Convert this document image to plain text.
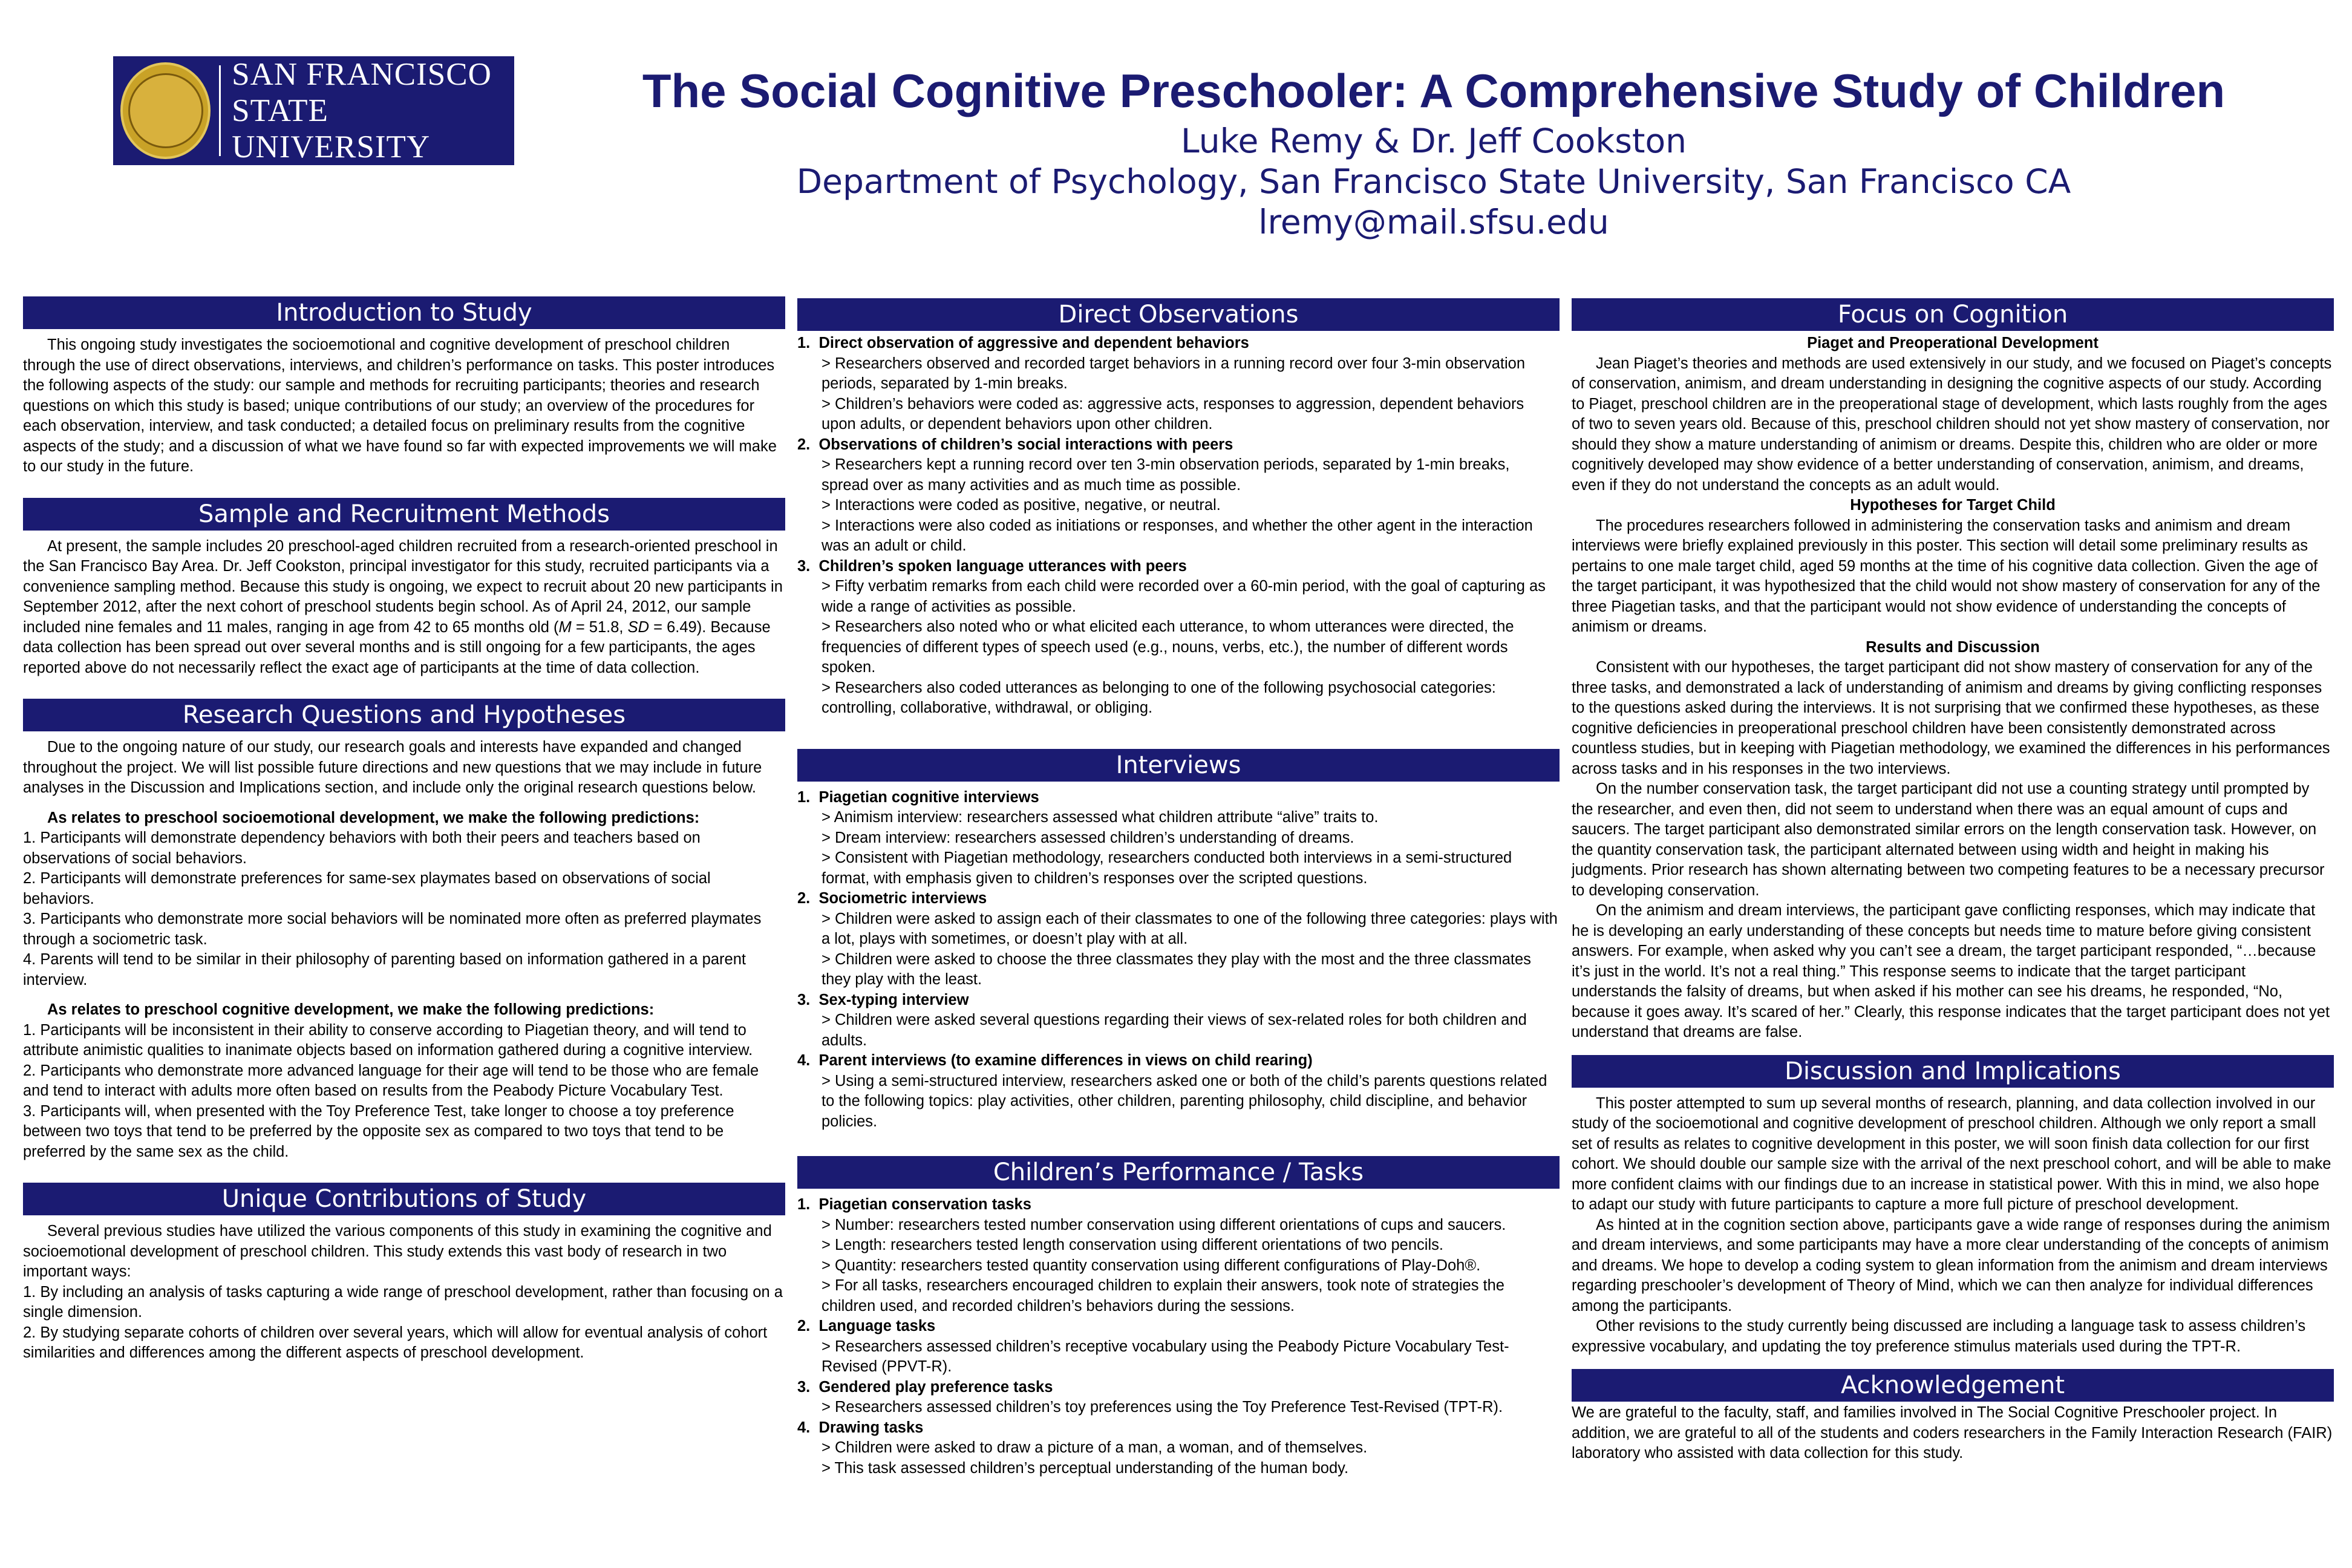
SAN FRANCISCO
STATE UNIVERSITY
The Social Cognitive Preschooler: A Comprehensive Study of Children
Luke Remy & Dr. Jeff Cookston
Department of Psychology, San Francisco State University, San Francisco CA
lremy@mail.sfsu.edu
Introduction to Study

This ongoing study investigates the socioemotional and cognitive development of preschool children through the use of direct observations, interviews, and children’s performance on tasks. This poster introduces the following aspects of the study: our sample and methods for recruiting participants; theories and research questions on which this study is based; unique contributions of our study; an overview of the procedures for each observation, interview, and task conducted; a detailed focus on preliminary results from the cognitive aspects of the study; and a discussion of what we have found so far with expected improvements we will make to our study in the future.

Sample and Recruitment Methods

At present, the sample includes 20 preschool-aged children recruited from a research-oriented preschool in the San Francisco Bay Area. Dr. Jeff Cookston, principal investigator for this study, recruited participants via a convenience sampling method. Because this study is ongoing, we expect to recruit about 20 new participants in September 2012, after the next cohort of preschool students begin school. As of April 24, 2012, our sample included nine females and 11 males, ranging in age from 42 to 65 months old (M = 51.8, SD = 6.49). Because data collection has been spread out over several months and is still ongoing for a few participants, the ages reported above do not necessarily reflect the exact age of participants at the time of data collection.

Research Questions and Hypotheses

Due to the ongoing nature of our study, our research goals and interests have expanded and changed throughout the project. We will list possible future directions and new questions that we may include in future analyses in the Discussion and Implications section, and include only the original research questions below.

As relates to preschool socioemotional development, we make the following predictions:

1. Participants will demonstrate dependency behaviors with both their peers and teachers based on observations of social behaviors.

2. Participants will demonstrate preferences for same-sex playmates based on observations of social behaviors.

3. Participants who demonstrate more social behaviors will be nominated more often as preferred playmates through a sociometric task.

4. Parents will tend to be similar in their philosophy of parenting based on information gathered in a parent interview.

As relates to preschool cognitive development, we make the following predictions:

1. Participants will be inconsistent in their ability to conserve according to Piagetian theory, and will tend to attribute animistic qualities to inanimate objects based on information gathered during a cognitive interview.

2. Participants who demonstrate more advanced language for their age will tend to be those who are female and tend to interact with adults more often based on results from the Peabody Picture Vocabulary Test.

3. Participants will, when presented with the Toy Preference Test, take longer to choose a toy preference between two toys that tend to be preferred by the opposite sex as compared to two toys that tend to be preferred by the same sex as the child.

Unique Contributions of Study

Several previous studies have utilized the various components of this study in examining the cognitive and socioemotional development of preschool children. This study extends this vast body of research in two important ways:

1. By including an analysis of tasks capturing a wide range of preschool development, rather than focusing on a single dimension.

2. By studying separate cohorts of children over several years, which will allow for eventual analysis of cohort similarities and differences among the different aspects of preschool development.

Direct Observations

1. Direct observation of aggressive and dependent behaviors

> Researchers observed and recorded target behaviors in a running record over four 3-min observation periods, separated by 1-min breaks.

> Children’s behaviors were coded as: aggressive acts, responses to aggression, dependent behaviors upon adults, or dependent behaviors upon other children.

2. Observations of children’s social interactions with peers

> Researchers kept a running record over ten 3-min observation periods, separated by 1-min breaks, spread over as many activities and as much time as possible.

> Interactions were coded as positive, negative, or neutral.

> Interactions were also coded as initiations or responses, and whether the other agent in the interaction was an adult or child.

3. Children’s spoken language utterances with peers

> Fifty verbatim remarks from each child were recorded over a 60-min period, with the goal of capturing as wide a range of activities as possible.

> Researchers also noted who or what elicited each utterance, to whom utterances were directed, the frequencies of different types of speech used (e.g., nouns, verbs, etc.), the number of different words spoken.

> Researchers also coded utterances as belonging to one of the following psychosocial categories: controlling, collaborative, withdrawal, or obliging.

Interviews

1. Piagetian cognitive interviews

> Animism interview: researchers assessed what children attribute “alive” traits to.

> Dream interview: researchers assessed children’s understanding of dreams.

> Consistent with Piagetian methodology, researchers conducted both interviews in a semi-structured format, with emphasis given to children’s responses over the scripted questions.

2. Sociometric interviews

> Children were asked to assign each of their classmates to one of the following three categories: plays with a lot, plays with sometimes, or doesn’t play with at all.

> Children were asked to choose the three classmates they play with the most and the three classmates they play with the least.

3. Sex-typing interview

> Children were asked several questions regarding their views of sex-related roles for both children and adults.

4. Parent interviews (to examine differences in views on child rearing)

> Using a semi-structured interview, researchers asked one or both of the child’s parents questions related to the following topics: play activities, other children, parenting philosophy, child discipline, and behavior policies.

Children’s Performance / Tasks

1. Piagetian conservation tasks

> Number: researchers tested number conservation using different orientations of cups and saucers.

> Length: researchers tested length conservation using different orientations of two pencils.

> Quantity: researchers tested quantity conservation using different configurations of Play-Doh®.

> For all tasks, researchers encouraged children to explain their answers, took note of strategies the children used, and recorded children’s behaviors during the sessions.

2. Language tasks

> Researchers assessed children’s receptive vocabulary using the Peabody Picture Vocabulary Test-Revised (PPVT-R).

3. Gendered play preference tasks

> Researchers assessed children’s toy preferences using the Toy Preference Test-Revised (TPT-R).

4. Drawing tasks

> Children were asked to draw a picture of a man, a woman, and of themselves.

> This task assessed children’s perceptual understanding of the human body.

Focus on Cognition

Piaget and Preoperational Development

Jean Piaget’s theories and methods are used extensively in our study, and we focused on Piaget’s concepts of conservation, animism, and dream understanding in designing the cognitive aspects of our study. According to Piaget, preschool children are in the preoperational stage of development, which lasts roughly from the ages of two to seven years old. Because of this, preschool children should not yet show mastery of conservation, nor should they show a mature understanding of animism or dreams. Despite this, children who are older or more cognitively developed may show evidence of a better understanding of conservation, animism, and dreams, even if they do not understand the concepts as an adult would.

Hypotheses for Target Child

The procedures researchers followed in administering the conservation tasks and animism and dream interviews were briefly explained previously in this poster. This section will detail some preliminary results as pertains to one male target child, aged 59 months at the time of his cognitive data collection. Given the age of the target participant, it was hypothesized that the child would not show mastery of conservation for any of the three Piagetian tasks, and that the participant would not show evidence of understanding the concepts of animism or dreams.

Results and Discussion

Consistent with our hypotheses, the target participant did not show mastery of conservation for any of the three tasks, and demonstrated a lack of understanding of animism and dreams by giving conflicting responses to the questions asked during the interviews. It is not surprising that we confirmed these hypotheses, as these cognitive deficiencies in preoperational preschool children have been consistently demonstrated across countless studies, but in keeping with Piagetian methodology, we examined the differences in his performances across tasks and in his responses in the two interviews.

On the number conservation task, the target participant did not use a counting strategy until prompted by the researcher, and even then, did not seem to understand when there was an equal amount of cups and saucers. The target participant also demonstrated similar errors on the length conservation task. However, on the quantity conservation task, the participant alternated between using width and height in making his judgments. Prior research has shown alternating between two competing features to be a necessary precursor to developing conservation.

On the animism and dream interviews, the participant gave conflicting responses, which may indicate that he is developing an early understanding of these concepts but needs time to mature before giving consistent answers. For example, when asked why you can’t see a dream, the target participant responded, “…because it’s just in the world. It’s not a real thing.” This response seems to indicate that the target participant understands the falsity of dreams, but when asked if his mother can see his dreams, he responded, “No, because it goes away. It’s scared of her.” Clearly, this response indicates that the target participant does not yet understand that dreams are false.

Discussion and Implications

This poster attempted to sum up several months of research, planning, and data collection involved in our study of the socioemotional and cognitive development of preschool children. Although we only report a small set of results as relates to cognitive development in this poster, we will soon finish data collection for our first cohort. We should double our sample size with the arrival of the next preschool cohort, and will be able to make more confident claims with our findings due to an increase in statistical power. With this in mind, we also hope to adapt our study with future participants to capture a more full picture of preschool development.

As hinted at in the cognition section above, participants gave a wide range of responses during the animism and dream interviews, and some participants may have a more clear understanding of the concepts of animism and dreams. We hope to develop a coding system to glean information from the animism and dream interviews regarding preschooler’s development of Theory of Mind, which we can then analyze for individual differences among the participants.

Other revisions to the study currently being discussed are including a language task to assess children’s expressive vocabulary, and updating the toy preference stimulus materials used during the TPT-R.

Acknowledgement

We are grateful to the faculty, staff, and families involved in The Social Cognitive Preschooler project. In addition, we are grateful to all of the students and coders researchers in the Family Interaction Research (FAIR) laboratory who assisted with data collection for this study.
